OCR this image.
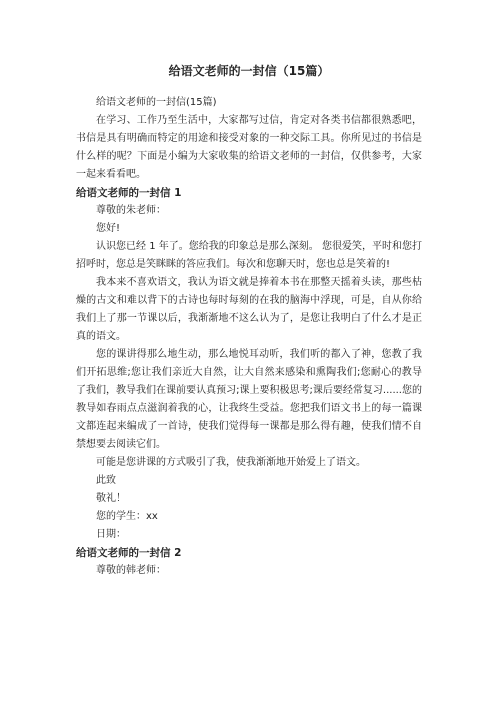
给语文老师的一封信（15篇）

给语文老师的一封信(15篇)

在学习、工作乃至生活中，大家都写过信，肯定对各类书信都很熟悉吧，书信是具有明确而特定的用途和接受对象的一种交际工具。你所见过的书信是什么样的呢？下面是小编为大家收集的给语文老师的一封信，仅供参考，大家一起来看看吧。

给语文老师的一封信 1

尊敬的朱老师：

您好!

认识您已经 1 年了。您给我的印象总是那么深刻。 您很爱笑，平时和您打招呼时，您总是笑眯眯的答应我们。每次和您聊天时，您也总是笑着的!

我本来不喜欢语文，我认为语文就是捧着本书在那整天摇着头读，那些枯燥的古文和难以背下的古诗也每时每刻的在我的脑海中浮现，可是，自从你给我们上了那一节课以后，我渐渐地不这么认为了，是您让我明白了什么才是正真的语文。

您的课讲得那么地生动，那么地悦耳动听，我们听的都入了神，您教了我们开拓思维;您让我们亲近大自然，让大自然来感染和熏陶我们;您耐心的教导了我们，教导我们在课前要认真预习;课上要积极思考;课后要经常复习......您的教导如春雨点点滋润着我的心，让我终生受益。您把我们语文书上的每一篇课文都连起来编成了一首诗，使我们觉得每一课都是那么得有趣，使我们情不自禁想要去阅读它们。

可能是您讲课的方式吸引了我，使我渐渐地开始爱上了语文。

此致

敬礼！

您的学生：xx

日期：

给语文老师的一封信 2

尊敬的韩老师：
